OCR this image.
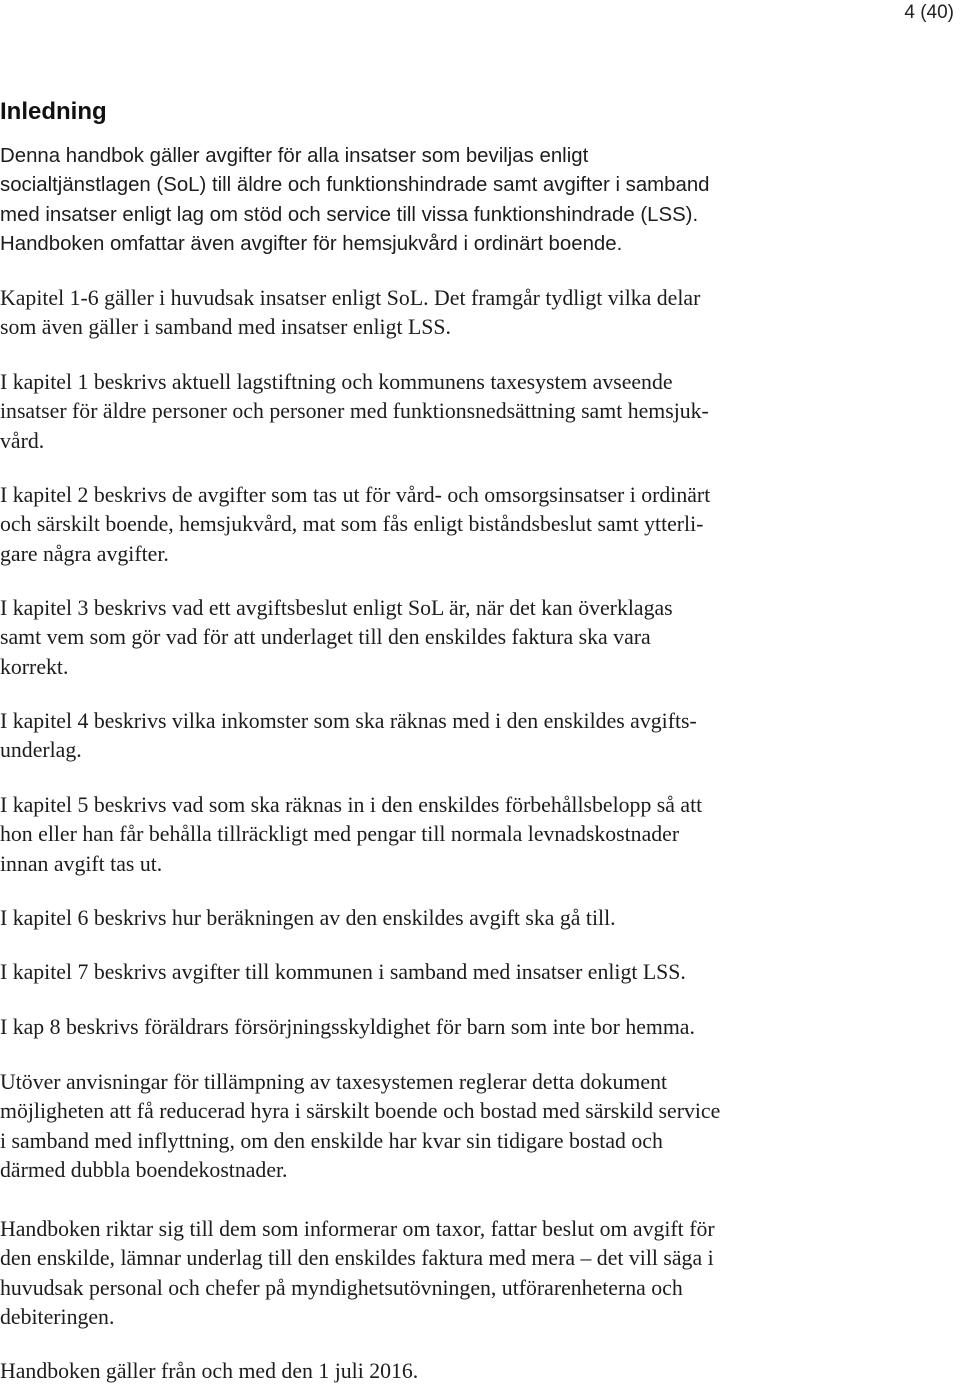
4 (40)
Inledning

Denna handbok gäller avgifter för alla insatser som beviljas enligt
socialtjänstlagen (SoL) till äldre och funktionshindrade samt avgifter i samband
med insatser enligt lag om stöd och service till vissa funktionshindrade (LSS).
Handboken omfattar även avgifter för hemsjukvård i ordinärt boende.

Kapitel 1-6 gäller i huvudsak insatser enligt SoL. Det framgår tydligt vilka delar
som även gäller i samband med insatser enligt LSS.

I kapitel 1 beskrivs aktuell lagstiftning och kommunens taxesystem avseende
insatser för äldre personer och personer med funktionsnedsättning samt hemsjuk-
vård.

I kapitel 2 beskrivs de avgifter som tas ut för vård- och omsorgsinsatser i ordinärt
och särskilt boende, hemsjukvård, mat som fås enligt biståndsbeslut samt ytterli-
gare några avgifter.

I kapitel 3 beskrivs vad ett avgiftsbeslut enligt SoL är, när det kan överklagas
samt vem som gör vad för att underlaget till den enskildes faktura ska vara
korrekt.

I kapitel 4 beskrivs vilka inkomster som ska räknas med i den enskildes avgifts-
underlag.

I kapitel 5 beskrivs vad som ska räknas in i den enskildes förbehållsbelopp så att
hon eller han får behålla tillräckligt med pengar till normala levnadskostnader
innan avgift tas ut.

I kapitel 6 beskrivs hur beräkningen av den enskildes avgift ska gå till.

I kapitel 7 beskrivs avgifter till kommunen i samband med insatser enligt LSS.

I kap 8 beskrivs föräldrars försörjningsskyldighet för barn som inte bor hemma.

Utöver anvisningar för tillämpning av taxesystemen reglerar detta dokument
möjligheten att få reducerad hyra i särskilt boende och bostad med särskild service
i samband med inflyttning, om den enskilde har kvar sin tidigare bostad och
därmed dubbla boendekostnader.

Handboken riktar sig till dem som informerar om taxor, fattar beslut om avgift för
den enskilde, lämnar underlag till den enskildes faktura med mera – det vill säga i
huvudsak personal och chefer på myndighetsutövningen, utförarenheterna och
debiteringen.

Handboken gäller från och med den 1 juli 2016.
